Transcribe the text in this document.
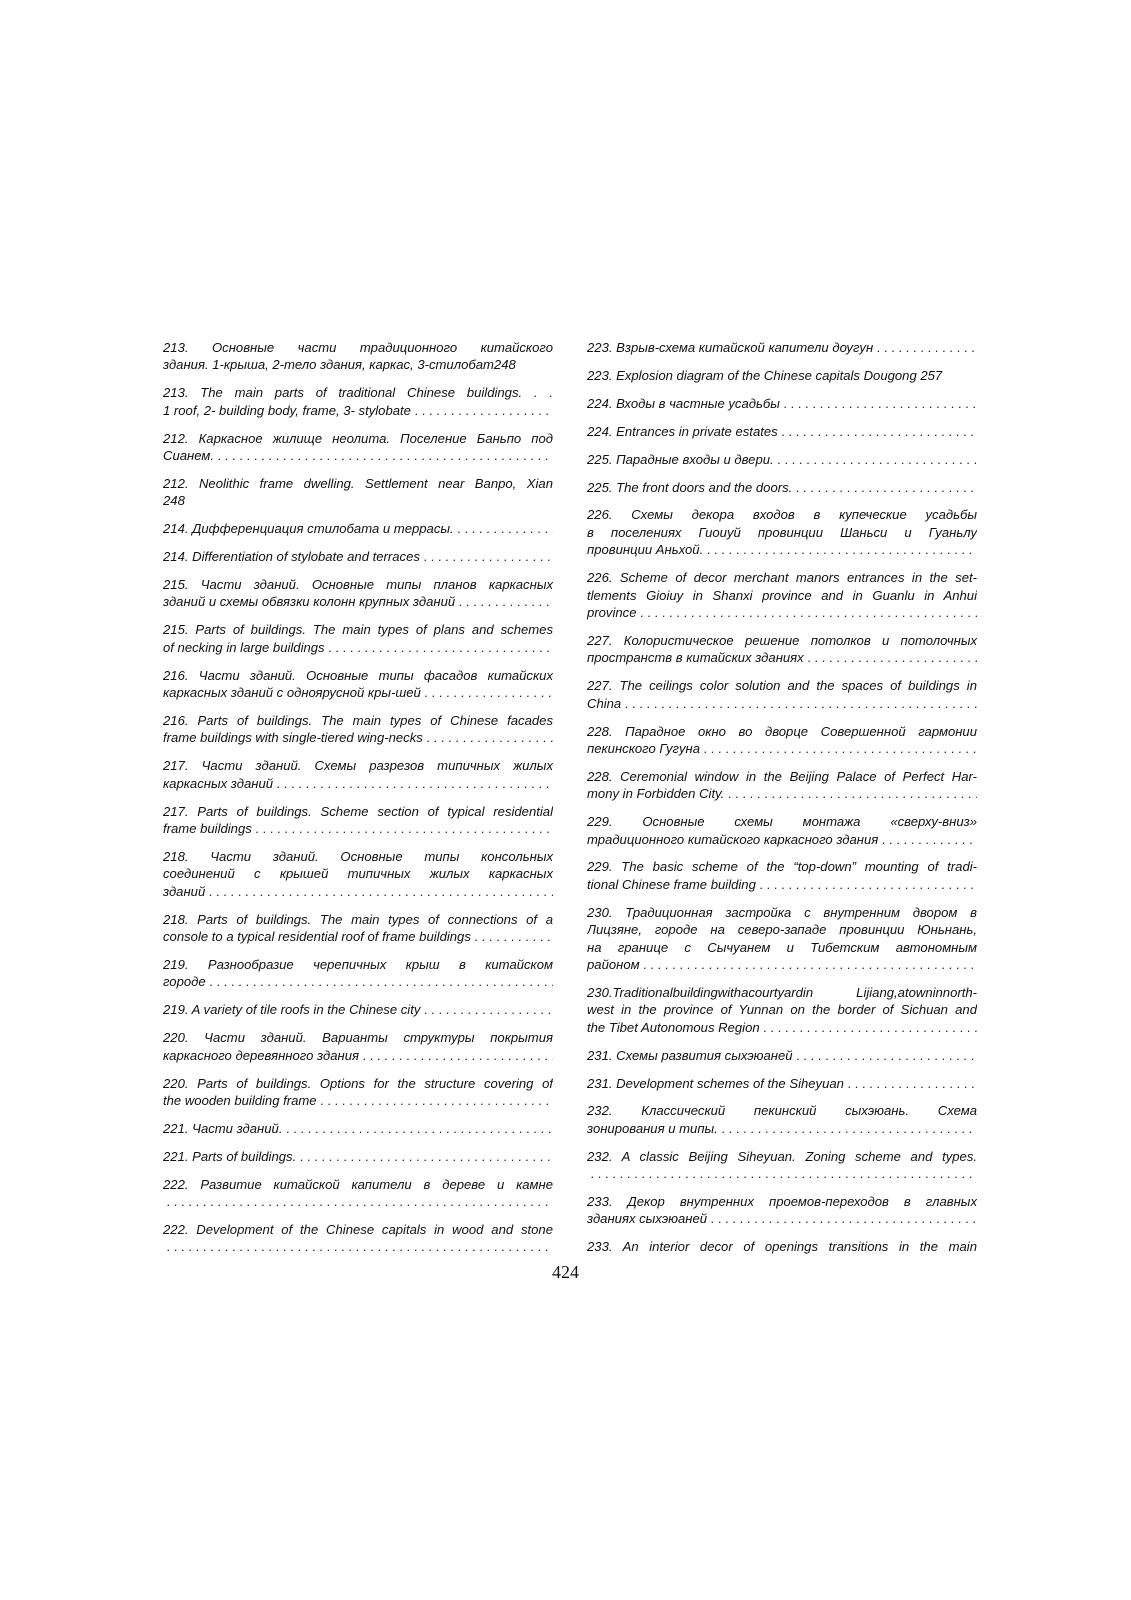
213. Основные части традиционного китайского
здания. 1-крыша, 2-тело здания, каркас, 3-стилобат248
213. The main parts of traditional Chinese buildings. . .
1 roof, 2- building body, frame, 3- stylobate. . .
212. Каркасное жилище неолита. Поселение Баньпо под
Сианем.. . .
212. Neolithic frame dwelling. Settlement near Banpo, Xian
248
214. Дифференциация стилобата и террасы.. . .
214. Differentiation of stylobate and terraces. . .
215. Части зданий. Основные типы планов каркасных
зданий и схемы обвязки колонн крупных зданий. . .
215. Parts of buildings. The main types of plans and schemes
of necking in large buildings. . .
216. Части зданий. Основные типы фасадов китайских
каркасных зданий с одноярусной кры-шей. . .
216. Parts of buildings. The main types of Chinese facades
frame buildings with single-tiered wing-necks. . .
217. Части зданий. Схемы разрезов типичных жилых
каркасных зданий. . .
217. Parts of buildings. Scheme section of typical residential
frame buildings. . .
218. Части зданий. Основные типы консольных
соединений с крышей типичных жилых каркасных
зданий. . .
218. Parts of buildings. The main types of connections of a
console to a typical residential roof of frame buildings. . .
219. Разнообразие черепичных крыш в китайском
городе. . .
219. A variety of tile roofs in the Chinese city. . .
220. Части зданий. Варианты структуры покрытия
каркасного деревянного здания. . .
220. Parts of buildings. Options for the structure covering of
the wooden building frame. . .
221. Части зданий.. . .
221. Parts of buildings.. . .
222. Развитие китайской капители в дереве и камне
. . .
222. Development of the Chinese capitals in wood and stone
. . .
223. Взрыв-схема китайской капители доугун. . .
223. Explosion diagram of the Chinese capitals Dougong 257
224. Входы в частные усадьбы. . .
224. Entrances in private estates. . .
225. Парадные входы и двери.. . .
225. The front doors and the doors.. . .
226. Схемы декора входов в купеческие усадьбы
в поселениях Гиоиуй провинции Шаньси и Гуаньлу
провинции Аньхой.. . .
226. Scheme of decor merchant manors entrances in the set-
tlements Gioiuy in Shanxi province and in Guanlu in Anhui
province. . .
227. Колористическое решение потолков и потолочных
пространств в китайских зданиях. . .
227. The ceilings color solution and the spaces of buildings in
China. . .
228. Парадное окно во дворце Совершенной гармонии
пекинского Гугуна. . .
228. Ceremonial window in the Beijing Palace of Perfect Har-
mony in Forbidden City.. . .
229. Основные схемы монтажа «сверху-вниз»
традиционного китайского каркасного здания. . .
229. The basic scheme of the “top-down” mounting of tradi-
tional Chinese frame building. . .
230. Традиционная застройка с внутренним двором в
Лицзяне, городе на северо-западе провинции Юньнань,
на границе с Сычуанем и Тибетским автономным
районом. . .
230.Traditionalbuildingwithacourtyardin Lijiang,atowninnorth-
west in the province of Yunnan on the border of Sichuan and
the Tibet Autonomous Region. . .
231. Схемы развития сыхэюаней. . .
231. Development schemes of the Siheyuan. . .
232. Классический пекинский сыхэюань. Схема
зонирования и типы.. . .
232. A classic Beijing Siheyuan. Zoning scheme and types.
. . .
233. Декор внутренних проемов-переходов в главных
зданиях сыхэюаней. . .
233. An interior decor of openings transitions in the main
424
